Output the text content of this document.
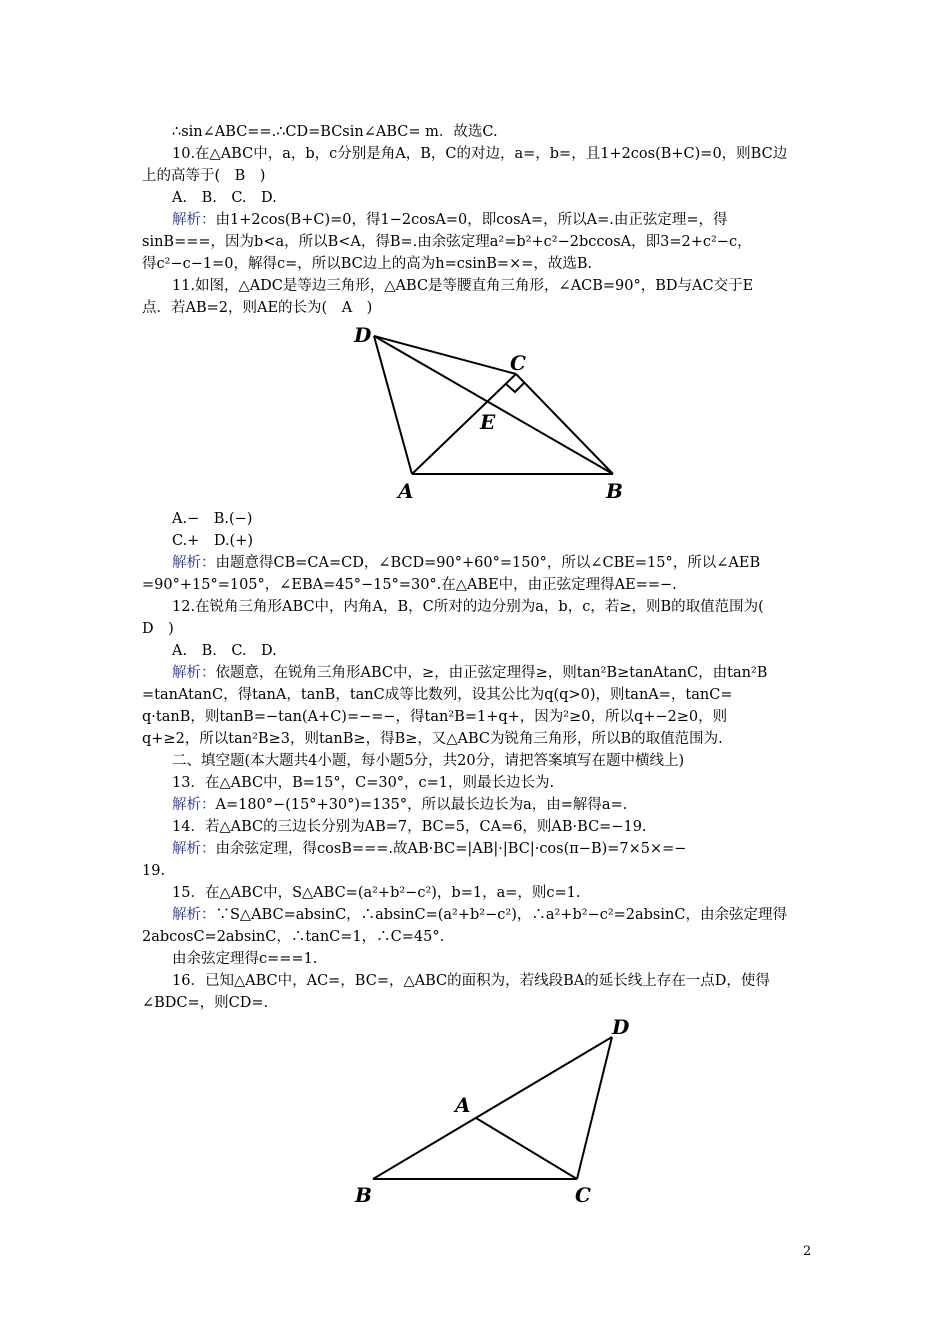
∴sin∠ABC==.∴CD=BCsin∠ABC= m．故选C.
10.在△ABC中，a，b，c分别是角A，B，C的对边，a=，b=，且1+2cos(B+C)=0，则BC边
上的高等于(　B　)
A.　B.　C.　D.
解析：由1+2cos(B+C)=0，得1−2cosA=0，即cosA=，所以A=.由正弦定理=，得
sinB===，因为b<a，所以B<A，得B=.由余弦定理a²=b²+c²−2bccosA，即3=2+c²−c，
得c²−c−1=0，解得c=，所以BC边上的高为h=csinB=×=，故选B.
11.如图，△ADC是等边三角形，△ABC是等腰直角三角形，∠ACB=90°，BD与AC交于E
点．若AB=2，则AE的长为(　A　)
D
C
E
A	B
A.−　B.(−)
C.+　D.(+)
解析：由题意得CB=CA=CD，∠BCD=90°+60°=150°，所以∠CBE=15°，所以∠AEB
=90°+15°=105°，∠EBA=45°−15°=30°.在△ABE中，由正弦定理得AE==−.
12.在锐角三角形ABC中，内角A，B，C所对的边分别为a，b，c，若≥，则B的取值范围为(
D　)
A.　B.　C.　D.
解析：依题意，在锐角三角形ABC中，≥，由正弦定理得≥，则tan²B≥tanAtanC，由tan²B
=tanAtanC，得tanA，tanB，tanC成等比数列，设其公比为q(q>0)，则tanA=，tanC=
q·tanB，则tanB=−tan(A+C)=−=−，得tan²B=1+q+，因为²≥0，所以q+−2≥0，则
q+≥2，所以tan²B≥3，则tanB≥，得B≥，又△ABC为锐角三角形，所以B的取值范围为.
二、填空题(本大题共4小题，每小题5分，共20分，请把答案填写在题中横线上)
13．在△ABC中，B=15°，C=30°，c=1，则最长边长为.
解析：A=180°−(15°+30°)=135°，所以最长边长为a，由=解得a=.
14．若△ABC的三边长分别为AB=7，BC=5，CA=6，则AB·BC=−19.
解析：由余弦定理，得cosB===.故AB·BC=|AB|·|BC|·cos(π−B)=7×5×=−
19.
15．在△ABC中，S△ABC=(a²+b²−c²)，b=1，a=，则c=1.
解析：∵S△ABC=absinC，∴absinC=(a²+b²−c²)，∴a²+b²−c²=2absinC，由余弦定理得
2abcosC=2absinC，∴tanC=1，∴C=45°.
由余弦定理得c===1.
16．已知△ABC中，AC=，BC=，△ABC的面积为，若线段BA的延长线上存在一点D，使得
∠BDC=，则CD=.
D
A
B	C
2
